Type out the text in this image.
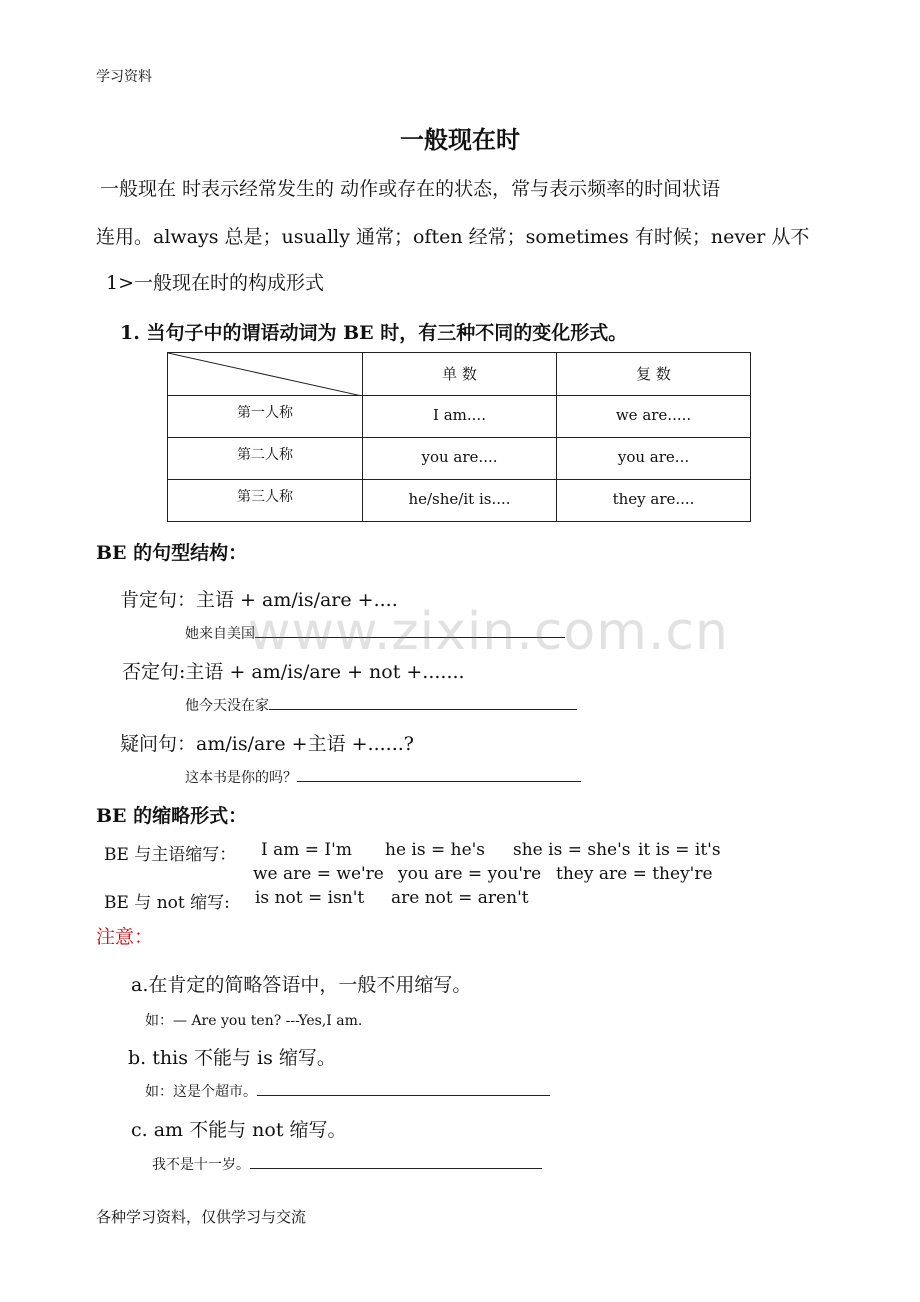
学习资料
一般现在时
一般现在 时表示经常发生的 动作或存在的状态，常与表示频率的时间状语
连用。always 总是；usually 通常；often 经常；sometimes 有时候；never 从不
1>一般现在时的构成形式
1. 当句子中的谓语动词为 BE 时，有三种不同的变化形式。
	单 数	复 数
第一人称	I am....	we are.....
第二人称	you are....	you are...
第三人称	he/she/it is....	they are....
BE 的句型结构：
肯定句：主语 + am/is/are +....
她来自美国
否定句:主语 + am/is/are + not +.......
他今天没在家
疑问句：am/is/are +主语 +......?
这本书是你的吗？
BE 的缩略形式：
BE 与主语缩写： I am = I'm he is = he's she is = she's it is = it's
we are = we're you are = you're they are = they're
BE 与 not 缩写: is not = isn't are not = aren't
注意：
a.在肯定的简略答语中，一般不用缩写。
如：— Are you ten? ---Yes,I am.
b. this 不能与 is 缩写。
如：这是个超市。
c. am 不能与 not 缩写。
我不是十一岁。
www.zixin.com.cn
各种学习资料，仅供学习与交流
